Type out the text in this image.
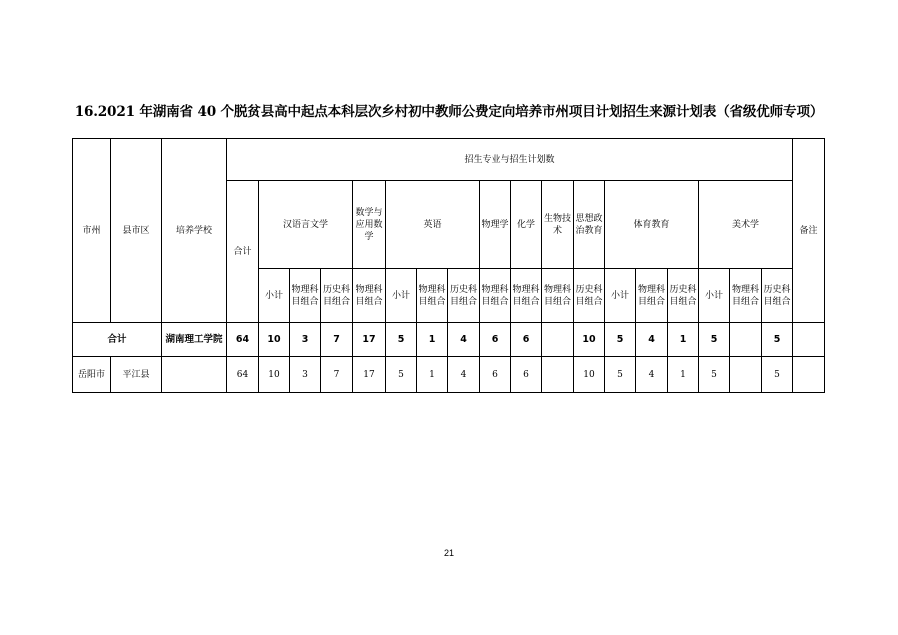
16.2021 年湖南省 40 个脱贫县高中起点本科层次乡村初中教师公费定向培养市州项目计划招生来源计划表（省级优师专项）
市州	县市区	培养学校	招生专业与招生计划数																		备注
			合计	汉语言文学			数学与应用数学	英语			物理学	化学	生物技术	思想政治教育	体育教育			美术学			
				小计	物理科目组合	历史科目组合	物理科目组合	小计	物理科目组合	历史科目组合	物理科目组合	物理科目组合	物理科目组合	历史科目组合	小计	物理科目组合	历史科目组合	小计	物理科目组合	历史科目组合	
合计		湖南理工学院	64	10	3	7	17	5	1	4	6	6		10	5	4	1	5		5	
岳阳市	平江县		64	10	3	7	17	5	1	4	6	6		10	5	4	1	5		5	
21
